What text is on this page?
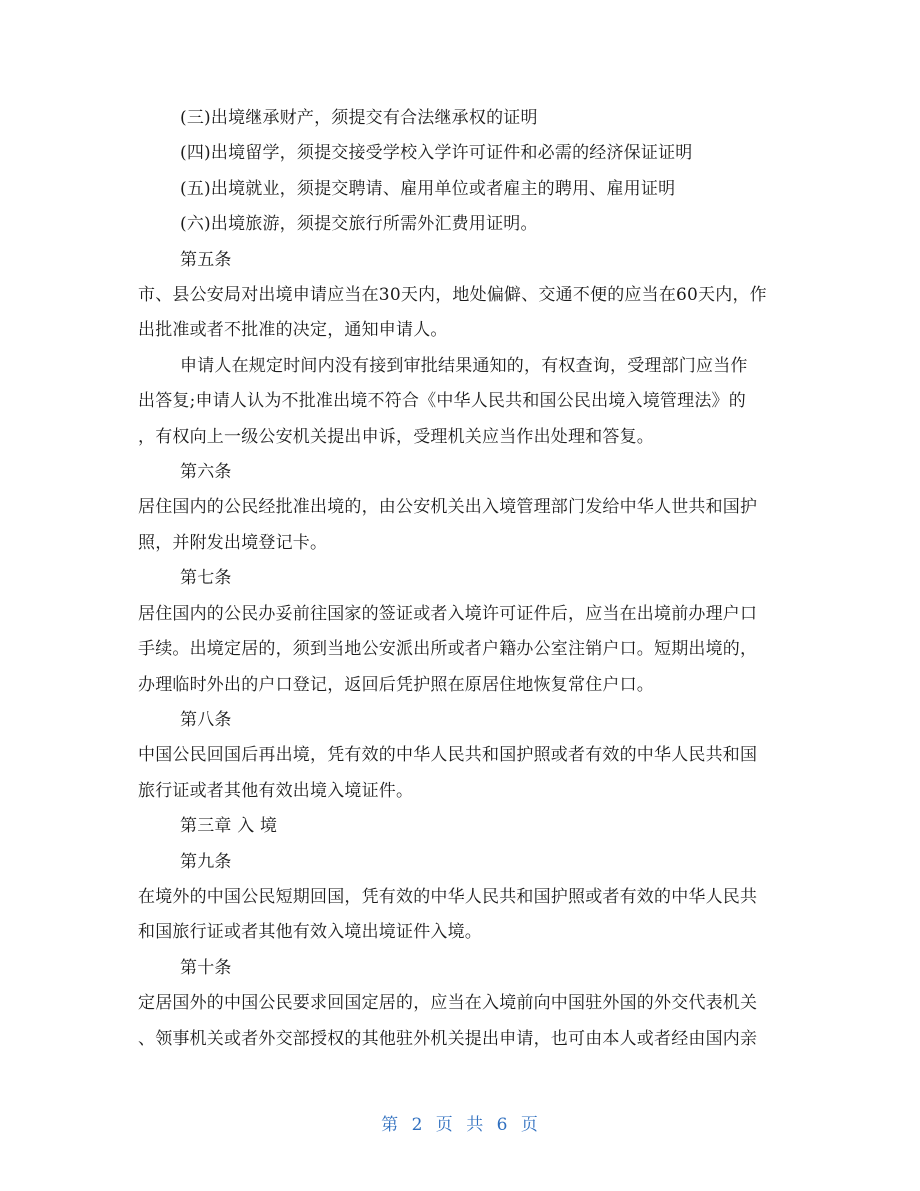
(三)出境继承财产，须提交有合法继承权的证明
(四)出境留学，须提交接受学校入学许可证件和必需的经济保证证明
(五)出境就业，须提交聘请、雇用单位或者雇主的聘用、雇用证明
(六)出境旅游，须提交旅行所需外汇费用证明。
第五条
市、县公安局对出境申请应当在30天内，地处偏僻、交通不便的应当在60天内，作
出批准或者不批准的决定，通知申请人。
申请人在规定时间内没有接到审批结果通知的，有权查询，受理部门应当作
出答复;申请人认为不批准出境不符合《中华人民共和国公民出境入境管理法》的
，有权向上一级公安机关提出申诉，受理机关应当作出处理和答复。
第六条
居住国内的公民经批准出境的，由公安机关出入境管理部门发给中华人世共和国护
照，并附发出境登记卡。
第七条
居住国内的公民办妥前往国家的签证或者入境许可证件后，应当在出境前办理户口
手续。出境定居的，须到当地公安派出所或者户籍办公室注销户口。短期出境的，
办理临时外出的户口登记，返回后凭护照在原居住地恢复常住户口。
第八条
中国公民回国后再出境，凭有效的中华人民共和国护照或者有效的中华人民共和国
旅行证或者其他有效出境入境证件。
第三章 入 境
第九条
在境外的中国公民短期回国，凭有效的中华人民共和国护照或者有效的中华人民共
和国旅行证或者其他有效入境出境证件入境。
第十条
定居国外的中国公民要求回国定居的，应当在入境前向中国驻外国的外交代表机关
、领事机关或者外交部授权的其他驻外机关提出申请，也可由本人或者经由国内亲
第 2 页 共 6 页
